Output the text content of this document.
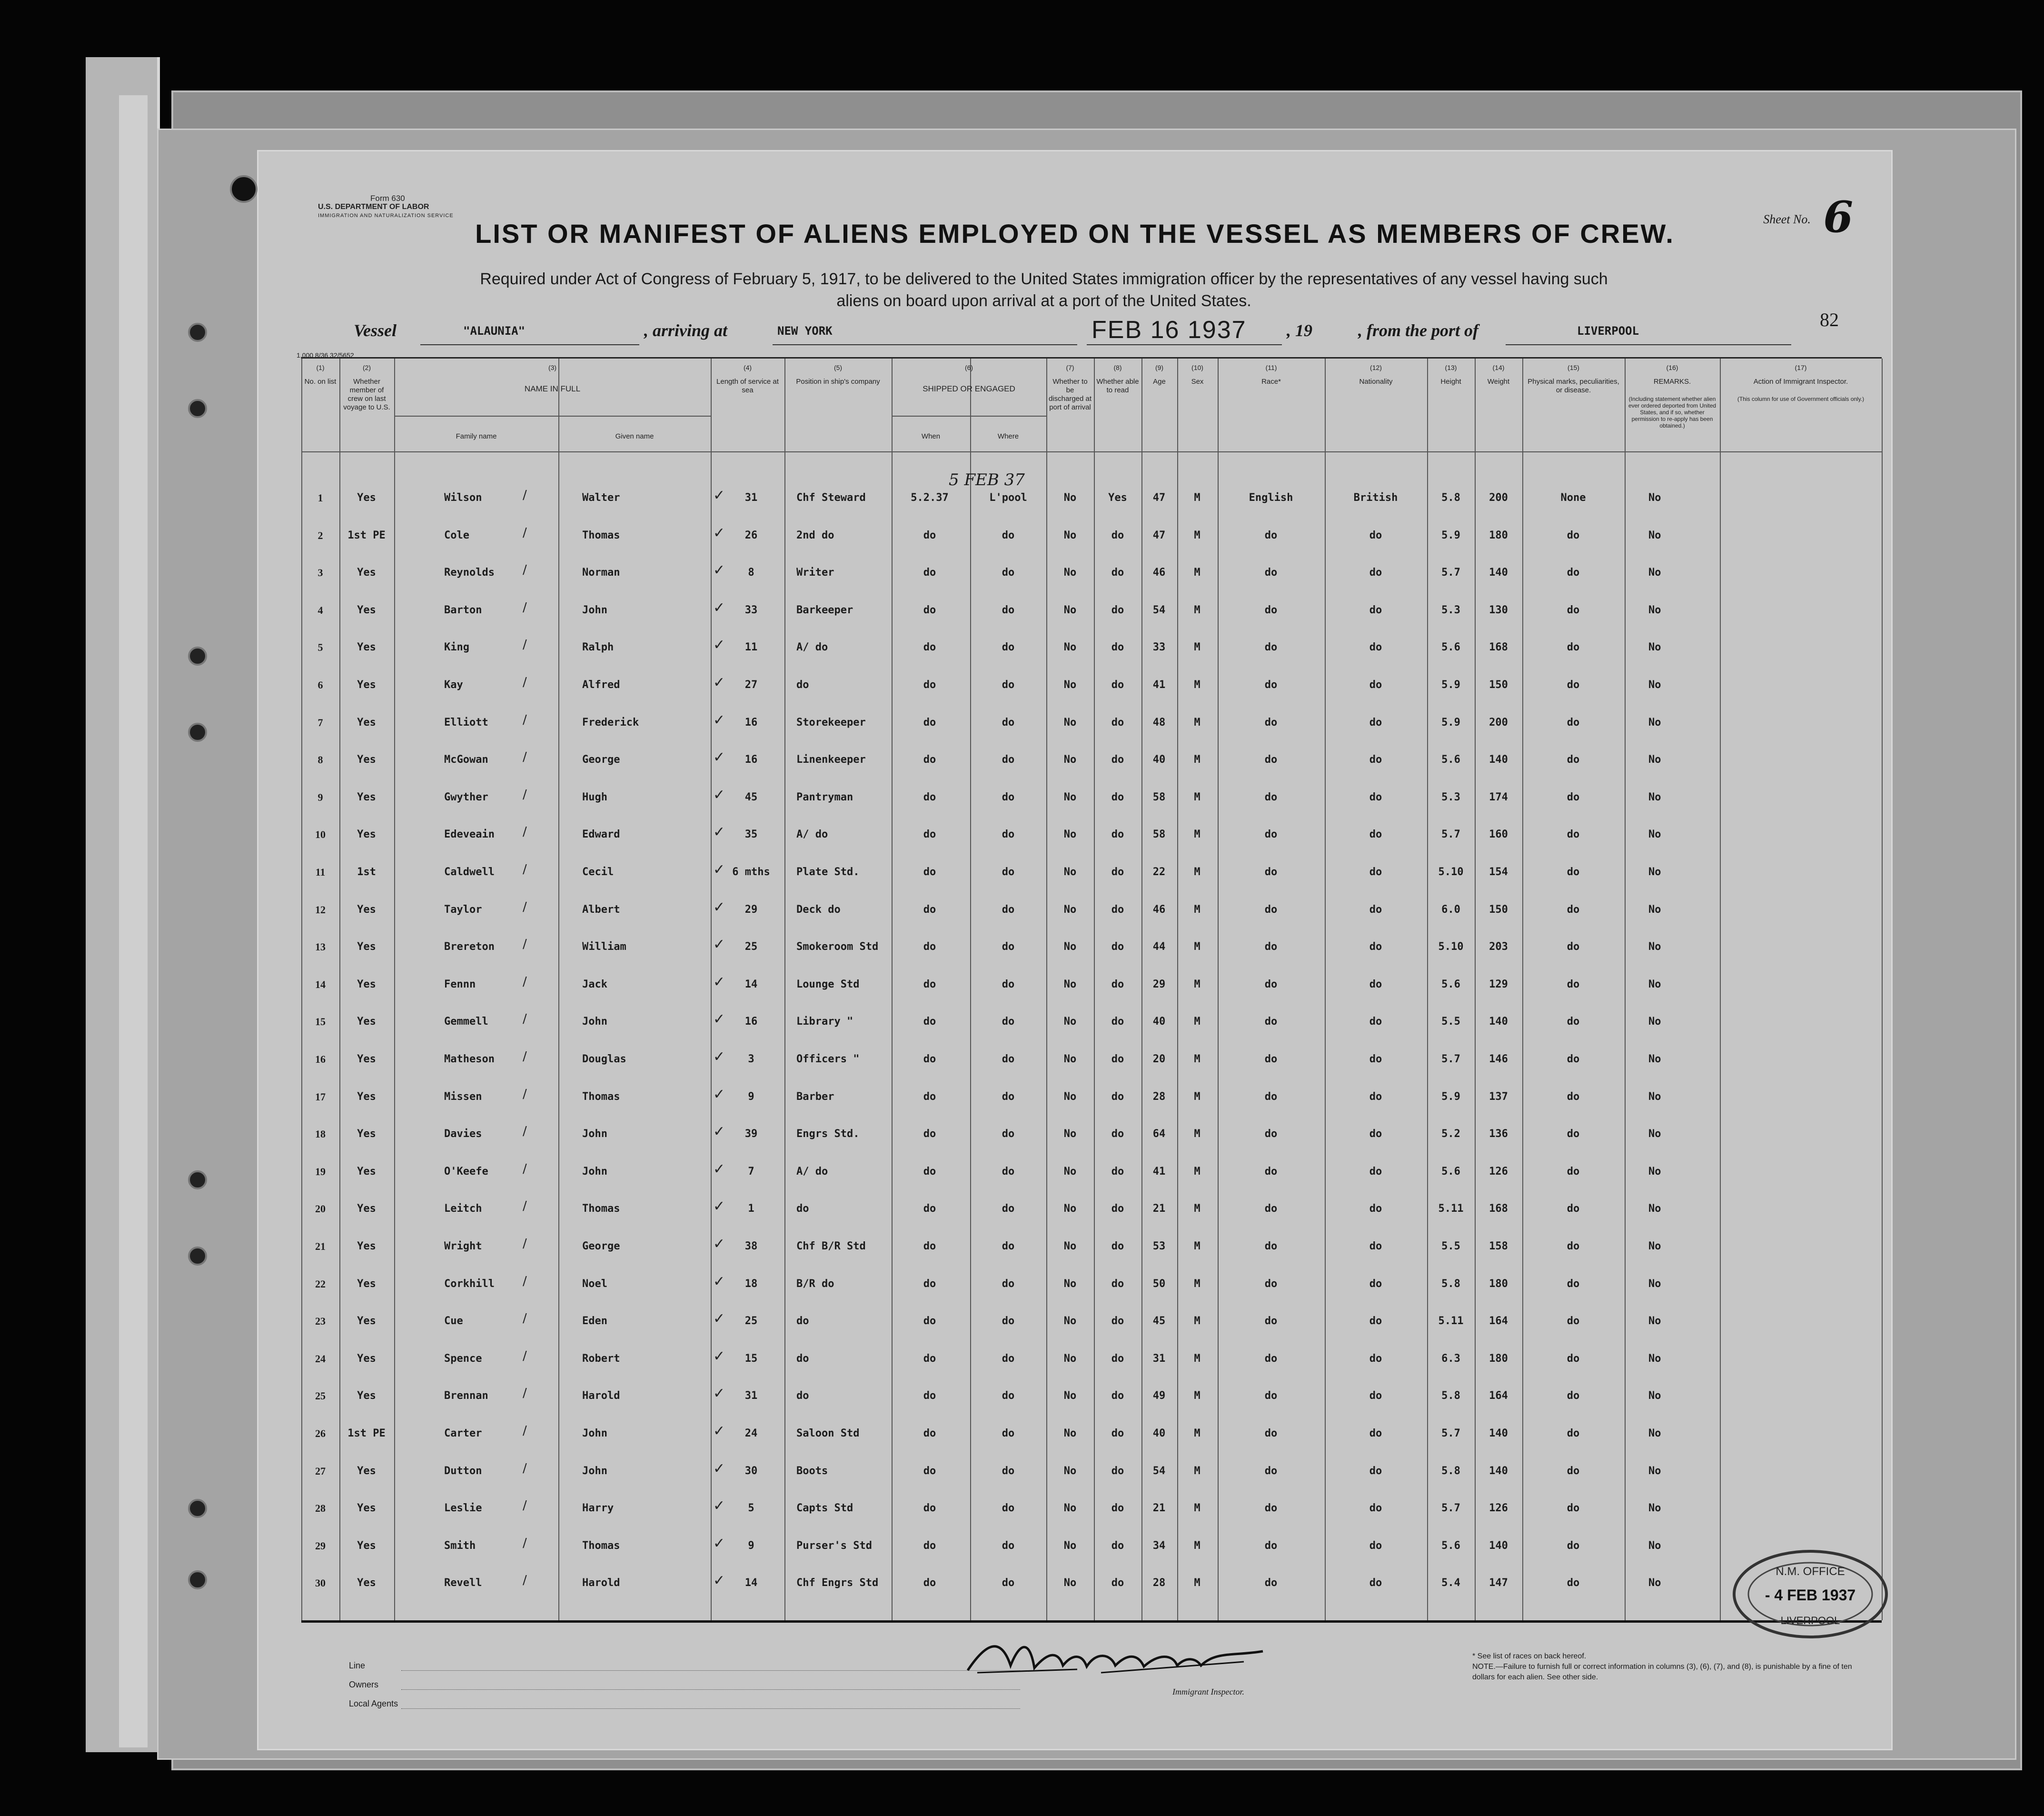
Form 630
U.S. DEPARTMENT OF LABOR
IMMIGRATION AND NATURALIZATION SERVICE	Sheet No. 6
LIST OR MANIFEST OF ALIENS EMPLOYED ON THE VESSEL AS MEMBERS OF CREW.
Required under Act of Congress of February 5, 1917, to be delivered to the United States immigration officer by the representatives of any vessel having such
aliens on board upon arrival at a port of the United States.
82
Vessel	"ALAUNIA"	, arriving at	NEW YORK	FEB 16 1937 , 19	, from the port of	LIVERPOOL
1,000 8/36 32/5652
(1)
No. on list
(2)
Whether member of crew on last voyage to U.S.
(3)
NAME IN FULL
Family name	Given name
(4)
Length of service at sea
(5)
Position in ship's company
(6)
SHIPPED OR ENGAGED
When	Where
(7)
Whether to be discharged at port of arrival
(8)
Whether able to read
(9)
Age
(10)
Sex
(11)
Race*
(12)
Nationality
(13)
Height
(14)
Weight
(15)
Physical marks, peculiarities, or disease.
(16)
REMARKS.
(Including statement whether alien ever ordered deported from United States, and if so, whether permission to re-apply has been obtained.)
(17)
Action of Immigrant Inspector.
(This column for use of Government officials only.)
5 FEB 37
1	Yes	Wilson	Walter	31	Chf Steward	5.2.37	L'pool	No	Yes	47	M	English	British	5.8	200	None	No
✓
/
2	1st PE	Cole	Thomas	26	2nd do	do	do	No	do	47	M	do	do	5.9	180	do	No
✓
/
3	Yes	Reynolds	Norman	8	Writer	do	do	No	do	46	M	do	do	5.7	140	do	No
✓
/
4	Yes	Barton	John	33	Barkeeper	do	do	No	do	54	M	do	do	5.3	130	do	No
✓
/
5	Yes	King	Ralph	11	A/ do	do	do	No	do	33	M	do	do	5.6	168	do	No
✓
/
6	Yes	Kay	Alfred	27	do	do	do	No	do	41	M	do	do	5.9	150	do	No
✓
/
7	Yes	Elliott	Frederick	16	Storekeeper	do	do	No	do	48	M	do	do	5.9	200	do	No
✓
/
8	Yes	McGowan	George	16	Linenkeeper	do	do	No	do	40	M	do	do	5.6	140	do	No
✓
/
9	Yes	Gwyther	Hugh	45	Pantryman	do	do	No	do	58	M	do	do	5.3	174	do	No
✓
/
10	Yes	Edeveain	Edward	35	A/ do	do	do	No	do	58	M	do	do	5.7	160	do	No
✓
/
11	1st	Caldwell	Cecil	6 mths	Plate Std.	do	do	No	do	22	M	do	do	5.10	154	do	No
✓
/
12	Yes	Taylor	Albert	29	Deck do	do	do	No	do	46	M	do	do	6.0	150	do	No
✓
/
13	Yes	Brereton	William	25	Smokeroom Std	do	do	No	do	44	M	do	do	5.10	203	do	No
✓
/
14	Yes	Fennn	Jack	14	Lounge Std	do	do	No	do	29	M	do	do	5.6	129	do	No
✓
/
15	Yes	Gemmell	John	16	Library "	do	do	No	do	40	M	do	do	5.5	140	do	No
✓
/
16	Yes	Matheson	Douglas	3	Officers "	do	do	No	do	20	M	do	do	5.7	146	do	No
✓
/
17	Yes	Missen	Thomas	9	Barber	do	do	No	do	28	M	do	do	5.9	137	do	No
✓
/
18	Yes	Davies	John	39	Engrs Std.	do	do	No	do	64	M	do	do	5.2	136	do	No
✓
/
19	Yes	O'Keefe	John	7	A/ do	do	do	No	do	41	M	do	do	5.6	126	do	No
✓
/
20	Yes	Leitch	Thomas	1	do	do	do	No	do	21	M	do	do	5.11	168	do	No
✓
/
21	Yes	Wright	George	38	Chf B/R Std	do	do	No	do	53	M	do	do	5.5	158	do	No
✓
/
22	Yes	Corkhill	Noel	18	B/R do	do	do	No	do	50	M	do	do	5.8	180	do	No
✓
/
23	Yes	Cue	Eden	25	do	do	do	No	do	45	M	do	do	5.11	164	do	No
✓
/
24	Yes	Spence	Robert	15	do	do	do	No	do	31	M	do	do	6.3	180	do	No
✓
/
25	Yes	Brennan	Harold	31	do	do	do	No	do	49	M	do	do	5.8	164	do	No
✓
/
26	1st PE	Carter	John	24	Saloon Std	do	do	No	do	40	M	do	do	5.7	140	do	No
✓
/
27	Yes	Dutton	John	30	Boots	do	do	No	do	54	M	do	do	5.8	140	do	No
✓
/
28	Yes	Leslie	Harry	5	Capts Std	do	do	No	do	21	M	do	do	5.7	126	do	No
✓
/
29	Yes	Smith	Thomas	9	Purser's Std	do	do	No	do	34	M	do	do	5.6	140	do	No
✓
/
30	Yes	Revell	Harold	14	Chf Engrs Std	do	do	No	do	28	M	do	do	5.4	147	do	No
✓
/
Line
Owners
Local Agents
Immigrant Inspector.
* See list of races on back hereof.
NOTE.—Failure to furnish full or correct information in columns (3), (6), (7), and (8), is punishable by a fine of ten dollars for each alien. See other side.
N.M. OFFICE
- 4 FEB 1937
LIVERPOOL
